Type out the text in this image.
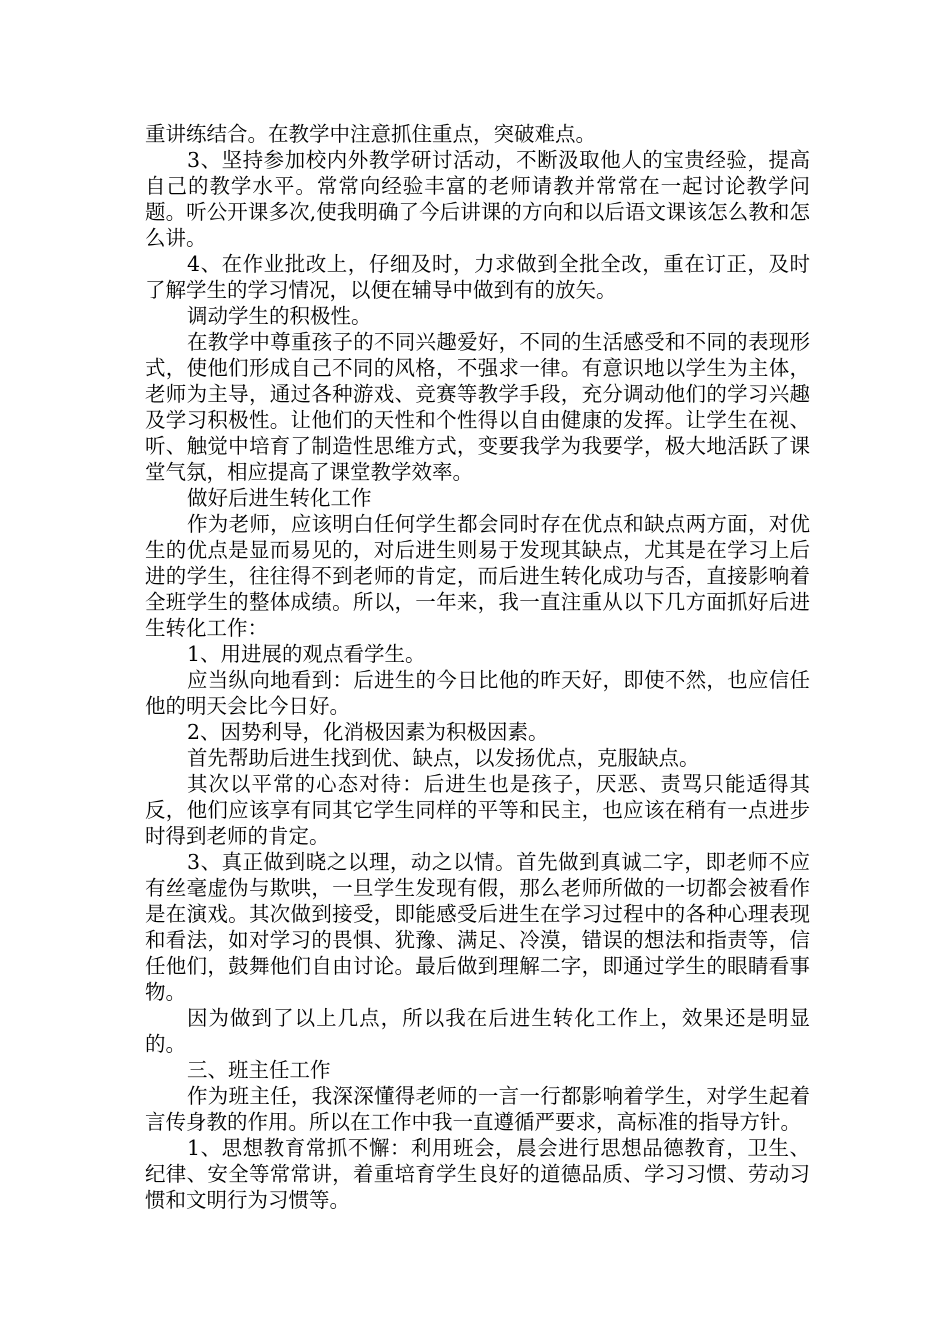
重讲练结合。在教学中注意抓住重点，突破难点。

3、坚持参加校内外教学研讨活动，不断汲取他人的宝贵经验，提高自己的教学水平。常常向经验丰富的老师请教并常常在一起讨论教学问题。听公开课多次,使我明确了今后讲课的方向和以后语文课该怎么教和怎么讲。

4、在作业批改上，仔细及时，力求做到全批全改，重在订正，及时了解学生的学习情况，以便在辅导中做到有的放矢。

调动学生的积极性。

在教学中尊重孩子的不同兴趣爱好，不同的生活感受和不同的表现形式，使他们形成自己不同的风格，不强求一律。有意识地以学生为主体，老师为主导，通过各种游戏、竞赛等教学手段，充分调动他们的学习兴趣及学习积极性。让他们的天性和个性得以自由健康的发挥。让学生在视、听、触觉中培育了制造性思维方式，变要我学为我要学，极大地活跃了课堂气氛，相应提高了课堂教学效率。

做好后进生转化工作

作为老师，应该明白任何学生都会同时存在优点和缺点两方面，对优生的优点是显而易见的，对后进生则易于发现其缺点，尤其是在学习上后进的学生，往往得不到老师的肯定，而后进生转化成功与否，直接影响着全班学生的整体成绩。所以，一年来，我一直注重从以下几方面抓好后进生转化工作：

1、用进展的观点看学生。

应当纵向地看到：后进生的今日比他的昨天好，即使不然，也应信任他的明天会比今日好。

2、因势利导，化消极因素为积极因素。

首先帮助后进生找到优、缺点，以发扬优点，克服缺点。

其次以平常的心态对待：后进生也是孩子，厌恶、责骂只能适得其反，他们应该享有同其它学生同样的平等和民主，也应该在稍有一点进步时得到老师的肯定。

3、真正做到晓之以理，动之以情。首先做到真诚二字，即老师不应有丝毫虚伪与欺哄，一旦学生发现有假，那么老师所做的一切都会被看作是在演戏。其次做到接受，即能感受后进生在学习过程中的各种心理表现和看法，如对学习的畏惧、犹豫、满足、冷漠，错误的想法和指责等，信任他们，鼓舞他们自由讨论。最后做到理解二字，即通过学生的眼睛看事物。

因为做到了以上几点，所以我在后进生转化工作上，效果还是明显的。

三、班主任工作

作为班主任，我深深懂得老师的一言一行都影响着学生，对学生起着言传身教的作用。所以在工作中我一直遵循严要求，高标准的指导方针。

1、思想教育常抓不懈：利用班会，晨会进行思想品德教育，卫生、纪律、安全等常常讲，着重培育学生良好的道德品质、学习习惯、劳动习惯和文明行为习惯等。
